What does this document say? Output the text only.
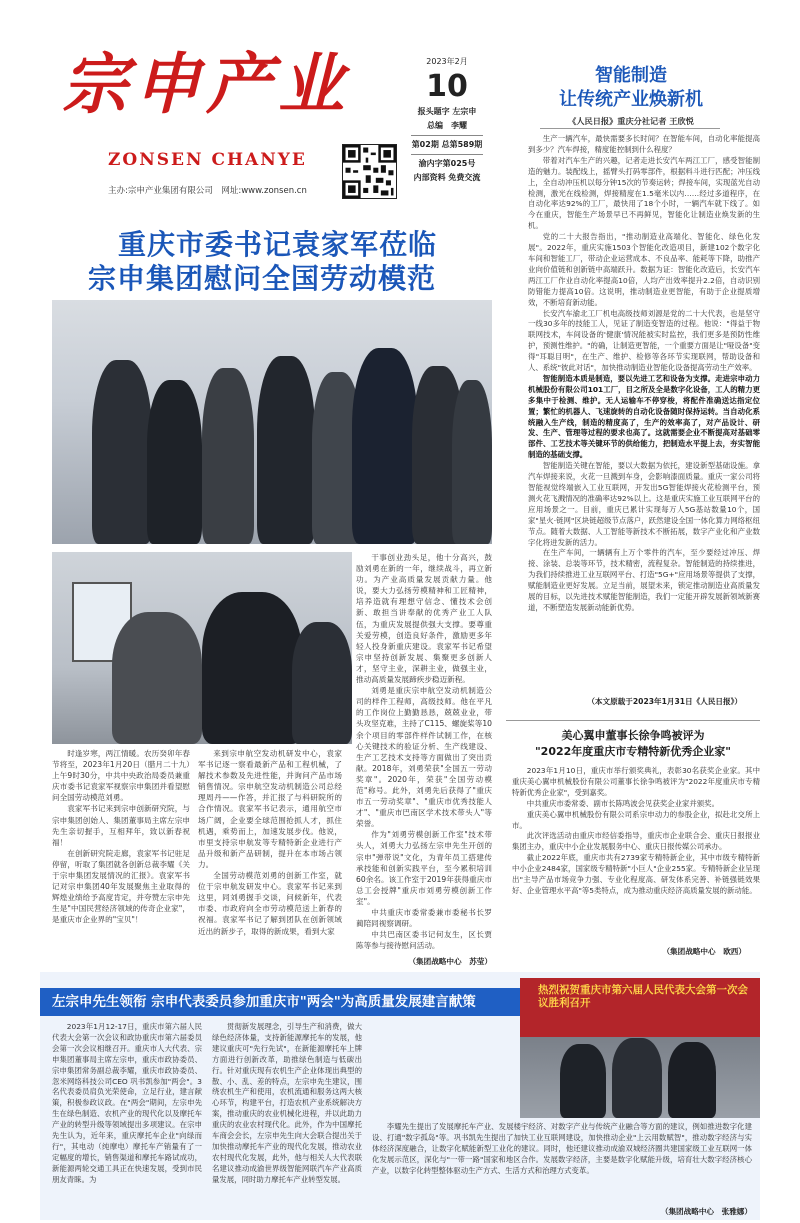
宗申产业
ZONSEN CHANYE
主办:宗申产业集团有限公司　网址:www.zonsen.cn
2023年2月
10
报头题字 左宗申
总编　李耀
第02期 总第589期
渝内字第025号
内部资料 免费交流
重庆市委书记袁家军莅临
宗申集团慰问全国劳动模范

时逢岁寒，两江情暖。农历癸卯年春节将至，2023年1月20日（腊月二十九）上午9时30分，中共中央政治局委员兼重庆市委书记袁家军视察宗申集团并看望慰问全国劳动模范刘勇。

袁家军书记来到宗申创新研究院，与宗申集团创始人、集团董事局主席左宗申先生亲切握手，互相拜年，致以新春祝福！

在创新研究院走廊，袁家军书记驻足停留，听取了集团就各创新总裁李耀《关于宗申集团发展情况的汇报》。袁家军书记对宗申集团40年发展聚焦主业取得的辉煌业绩给予高度肯定，并夸赞左宗申先生是"中国民营经济领域的传奇企业家"，是重庆市企业界的"宝贝"！

来到宗申航空发动机研发中心，袁家军书记逐一察看最新产品和工程机械，了解技术参数及先进性能，并询问产品市场销售情况。宗申航空发动机制造公司总经理周丹——作答，并汇报了与科研院所的合作情况。袁家军书记表示，通用航空市场广阔，企业要全球范围抢抓人才，抓住机遇，乘势而上，加速发展步伐。他说，市里支持宗申航发等专精特新企业进行产品升级和新产品研制，提升在本市场占领力。

全国劳动模范刘勇的创新工作室，就位于宗申航发研发中心。袁家军书记来到这里，同刘勇握手交谈，问候新年，代表市委、市政府向全市劳动模范送上新春的祝福。袁家军书记了解到团队在创新领域近出的新步子，取得的新成果，看到大家

干事创业劲头足，他十分高兴，鼓励刘勇在新的一年，继续战斗，再立新功。为产业高质量发展贡献力量。他说，要大力弘扬劳模精神和工匠精神，培养造就有理想守信念、懂技术会创新、敢担当讲奉献的优秀产业工人队伍，为重庆发展提供强大支撑。要尊重关爱劳模，创造良好条件，激励更多年轻人投身新重庆建设。袁家军书记希望宗申坚持创新发展、集聚更多创新人才，坚守主业，深耕主业，做强主业，推动高质量发展蹄疾步稳迈新程。

刘勇是重庆宗申航空发动机制造公司的样件工程师，高级技师。他在平凡的工作岗位上勤勤恳恳，兢兢业业，带头攻坚克难，主持了C115、螺旋桨等10余个项目的零部件样件试制工作，在核心关键技术的验证分析、生产线建设、生产工艺技术支持等方面做出了突出贡献。2018年，刘勇荣获"全国五一劳动奖章"。2020年，荣获"全国劳动模范"称号。此外，刘勇先后获得了"重庆市五一劳动奖章"、"重庆市优秀技能人才"、"重庆市巴南区学术技术带头人"等荣誉。

作为"刘勇劳模创新工作室"技术带头人，刘勇大力弘扬左宗申先生开创的宗申"弹带说"文化，为青年员工搭建传承技能和创新实践平台，至今累积培训60余名。该工作室于2019年获得重庆市总工会授牌"重庆市刘勇劳模创新工作室"。

中共重庆市委常委兼市委秘书长罗蔺陪同视察调研。

中共巴南区委书记何友生，区长贾陈等参与接待慰问活动。

（集团战略中心　苏莹）
智能制造
让传统产业焕新机
《人民日报》重庆分社记者 王欣悦

生产一辆汽车，最快需要多长时间？在智能车间，自动化率能提高到多少？汽车焊接，精度能控制到什么程度？

带着对汽车生产的兴趣，记者走进长安汽车两江工厂，感受智能制造的魅力。装配线上，摇臂头打码零部件，根据料斗进行匹配；冲压线上，全自动冲压机以每分钟15次的节奏运转；焊接车间，实现蓝光自动检测，激光在线检测，焊接精度在1.5毫米以内……经过多道程序，在自动化率达92%的工厂，最快用了18个小时，一辆汽车就下线了。如今在重庆，智能生产场景早已不再鲜见，智能化让制造业焕发新的生机。

党的二十大报告指出，"推动制造业高端化、智能化、绿色化发展"。2022年，重庆实施1503个智能化改造项目，新建102个数字化车间和智能工厂，带动企业运营成本、不良品率、能耗等下降，助推产业向价值链和创新链中高端跃升。数据为证：智能化改造后，长安汽车两江工厂作业自动化率提高10倍，人均产出效率提升2.2倍，自动识别防错能力提高10倍。这说明，推动制造业更智能，有助于企业提质增效，不断培育新动能。

长安汽车渝北工厂机电高级技师刘源是党的二十大代表，也是坚守一线30多年的技能工人，见证了制造变智造的过程。他说："得益于物联网技术，车间设备的'健康'情况能被实时监控，我们更多是预防性维护，预测性维护。"的确，让制造更智能，一个重要方面是让"哑设备"变得"耳聪目明"，在生产、维护、检修等各环节实现联网，帮助设备和人、系统"彼此对话"，加快推动制造业智能化设备提高劳动生产效率。

智能制造本质是制造，要以先进工艺和设备为支撑。走进宗申动力机械股份有限公司101工厂，目之所及全是数字化设备，工人的精力更多集中于检测、维护。无人运输车不停穿梭，将配件准确送达指定位置；繁忙的机器人、飞速旋转的自动化设备随时保持运转。当自动化系统融入生产线，制造的精度高了，生产的效率高了，对产品设计、研发、生产、管理等过程的要求也高了。这就需要企业不断提高对基础零部件、工艺技术等关键环节的供给能力，把制造水平提上去，夯实智能制造的基础支撑。

智能制造关键在智能，要以大数据为依托，建设新型基础设施。拿汽车焊接来说，火花一旦溅到车身，会影响漆面质量。重庆一家公司将智能视觉终端嵌入工业互联网，开发出5G智能焊接火花检测平台，预测火花飞溅情况的准确率达92%以上。这是重庆实施工业互联网平台的应用场景之一。目前，重庆已累计实现每万人5G基站数量10个，国家"星火·链网"区块链超级节点落户，跃然建设全国一体化算力网络枢纽节点。随着大数据、人工智能等新技术不断拓展，数字产业化和产业数字化将迸发新的活力。

在生产车间，一辆辆有上万个零件的汽车，至少要经过冲压、焊接、涂装、总装等环节，技术精密，流程复杂。智能制造的持续推进，为我们持续推进工业互联网平台、打造"5G+"应用场景等提供了支撑，赋能制造业更好发展。立足当前，展望未来，锁定推动制造业高质量发展的目标，以先进技术赋能智能制造，我们一定能开辟发展新领域新赛道，不断塑造发展新动能新优势。

（本文原载于2023年1月31日《人民日报》）
美心翼申董事长徐争鸣被评为
"2022年度重庆市专精特新优秀企业家"

2023年1月10日，重庆市举行颁奖典礼，表彰30名获奖企业家。其中重庆美心翼申机械股份有限公司董事长徐争鸣被评为"2022年度重庆市专精特新优秀企业家"，受到嘉奖。

中共重庆市委常委、副市长陈鸣波会见获奖企业家并颁奖。

重庆美心翼申机械股份有限公司系宗申动力的参股企业，拟赴北交所上市。

此次评选活动由重庆市经信委指导，重庆市企业联合会、重庆日报报业集团主办，重庆中小企业发展服务中心、重庆日报传媒公司承办。

截止2022年底，重庆市共有2739家专精特新企业，其中市级专精特新中小企业2484家，国家级专精特新"小巨人"企业255家。专精特新企业呈现出"主导产品市场竞争力强、专业化程度高、研发体系完善、补链强链效果好、企业管理水平高"等5类特点，成为推动重庆经济高质量发展的新动能。

（集团战略中心　欧西）
左宗申先生领衔 宗申代表委员参加重庆市"两会"为高质量发展建言献策
热烈祝贺重庆市第六届人民代表大会第一次会议胜利召开

2023年1月12-17日，重庆市第六届人民代表大会第一次会议和政协重庆市第六届委员会第一次会议相继召开。重庆市人大代表、宗申集团董事局主席左宗申，重庆市政协委员、宗申集团常务副总裁李耀，重庆市政协委员、忽米网络科技公司CEO 巩书凯参加"两会"。3 名代表委员肩负光荣使命，立足行业，建言献策，积极参政议政。在"两会"期间，左宗申先生在绿色制造、农机产业的现代化以及摩托车产业的转型升级等领域提出多项建议。在宗申先生认为，近年来，重庆摩托车企业"向绿而行"，其电动（纯摩电）摩托车产销量有了一定幅度的增长，销售渠道和摩托车路试成功，新能源两轮交通工具正在快速发展，受到市民朋友青睐。为

贯彻新发展理念，引导生产和消费，做大绿色经济体量，支持新能源摩托车的发展，他建议重庆可"先行先试"，在新能源摩托车上牌方面进行创新改革，助推绿色制造与低碳出行。针对重庆现有农机生产企业体现出典型的散、小、乱、差的特点，左宗申先生建议，围绕农机生产和使用，农机流通和服务这两大核心环节，构建平台，打造农机产业系统解决方案，推动重庆的农业机械化进程，并以此助力重庆的农业农村现代化。此外，作为中国摩托车商会会长，左宗申先生向大会联合提出关于加快推动摩托车产业的现代化发展，推动农业农村现代化发展，此外，他与相关人大代表联名建议推动成渝世界级智能网联汽车产业高质量发展，同时助力摩托车产业转型发展。

李耀先生提出了发展摩托车产业、发展楼宇经济、对数字产业与传统产业融合等方面的建议，例如推进数字化建设、打通"数字孤岛"等。巩书凯先生提出了加快工业互联网建设，加快推动企业"上云用数赋智"，推动数字经济与实体经济深度融合，让数字化赋能新型工业化的建议。同时，他还建议推动成渝双城经济圈共建国家级工业互联网一体化发展示范区，深化与"一带一路"国家和地区合作。发展数字经济，主要是数字化赋能升级，培育壮大数字经济核心产业，以数字化转型整体驱动生产方式、生活方式和治理方式变革。

（集团战略中心　张雅娜）
